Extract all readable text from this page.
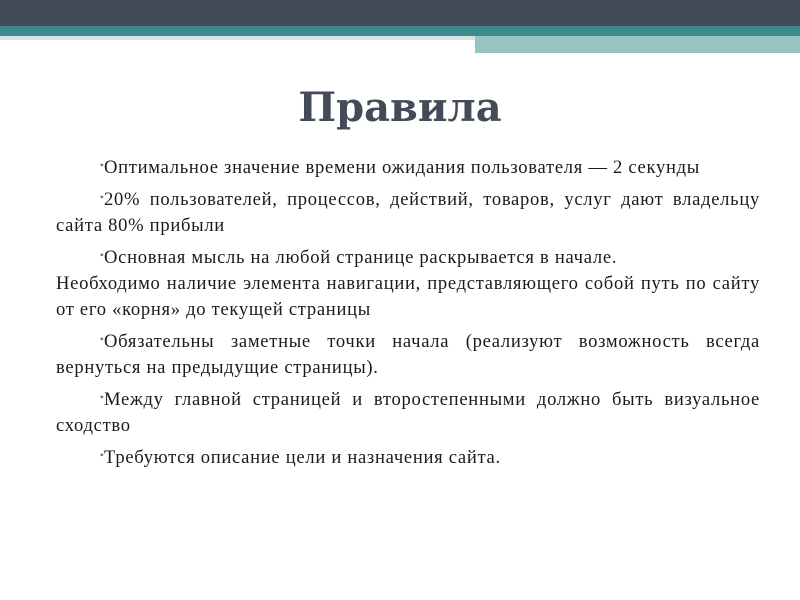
Правила
•Оптимальное значение времени ожидания пользователя — 2 секунды
•20% пользователей, процессов, действий, товаров, услуг дают владельцу сайта 80% прибыли
•Основная мысль на любой странице раскрывается в начале.
Необходимо наличие элемента навигации, представляющего собой путь по сайту от его «корня» до текущей страницы
•Обязательны заметные точки начала (реализуют возможность всегда вернуться на предыдущие страницы).
•Между главной страницей и второстепенными должно быть визуальное сходство
•Требуются описание цели и назначения сайта.
